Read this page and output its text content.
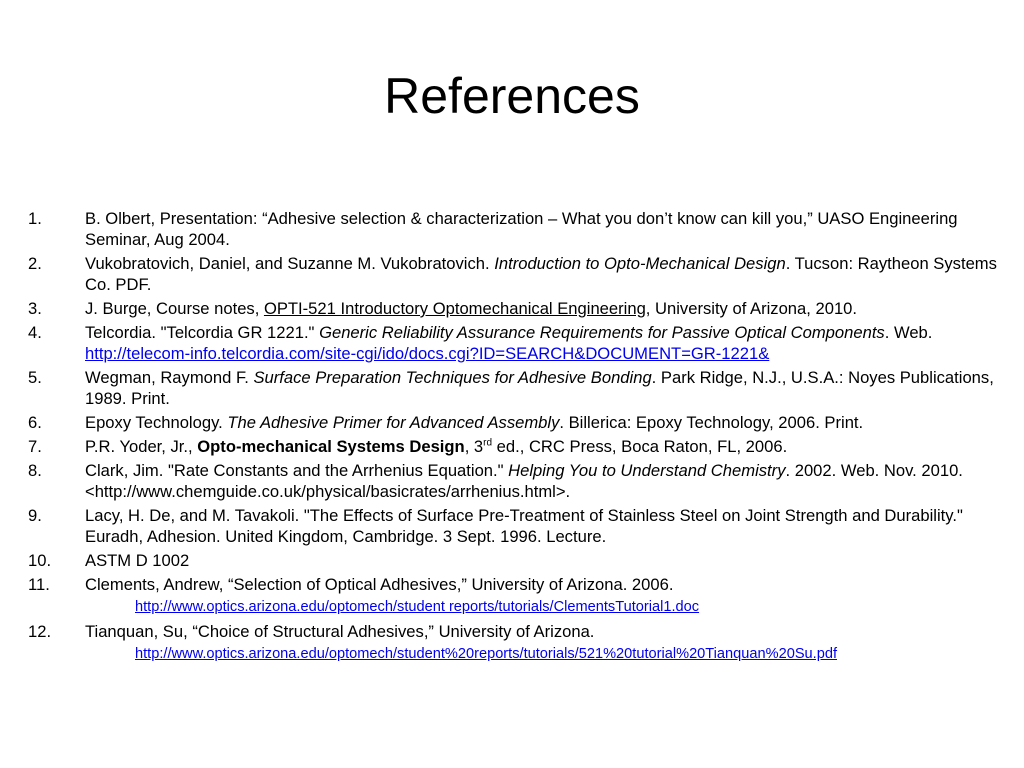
References
1.	B. Olbert, Presentation: “Adhesive selection & characterization – What you don’t know can kill you,” UASO Engineering Seminar, Aug 2004.
2.	Vukobratovich, Daniel, and Suzanne M. Vukobratovich. Introduction to Opto-Mechanical Design. Tucson: Raytheon Systems Co. PDF.
3.	J. Burge, Course notes, OPTI-521 Introductory Optomechanical Engineering, University of Arizona, 2010.
4.	Telcordia. "Telcordia GR 1221." Generic Reliability Assurance Requirements for Passive Optical Components. Web. http://telecom-info.telcordia.com/site-cgi/ido/docs.cgi?ID=SEARCH&DOCUMENT=GR-1221&
5.	Wegman, Raymond F. Surface Preparation Techniques for Adhesive Bonding. Park Ridge, N.J., U.S.A.: Noyes Publications, 1989. Print.
6.	Epoxy Technology. The Adhesive Primer for Advanced Assembly. Billerica: Epoxy Technology, 2006. Print.
7.	P.R. Yoder, Jr., Opto-mechanical Systems Design, 3rd ed., CRC Press, Boca Raton, FL, 2006.
8.	Clark, Jim. "Rate Constants and the Arrhenius Equation." Helping You to Understand Chemistry. 2002. Web. Nov. 2010. <http://www.chemguide.co.uk/physical/basicrates/arrhenius.html>.
9.	Lacy, H. De, and M. Tavakoli. "The Effects of Surface Pre-Treatment of Stainless Steel on Joint Strength and Durability." Euradh, Adhesion. United Kingdom, Cambridge. 3 Sept. 1996. Lecture.
10. ASTM D 1002
11. Clements, Andrew, “Selection of Optical Adhesives,” University of Arizona. 2006.
http://www.optics.arizona.edu/optomech/student reports/tutorials/ClementsTutorial1.doc
12. Tianquan, Su, “Choice of Structural Adhesives,” University of Arizona.
http://www.optics.arizona.edu/optomech/student%20reports/tutorials/521%20tutorial%20Tianquan%20Su.pdf
